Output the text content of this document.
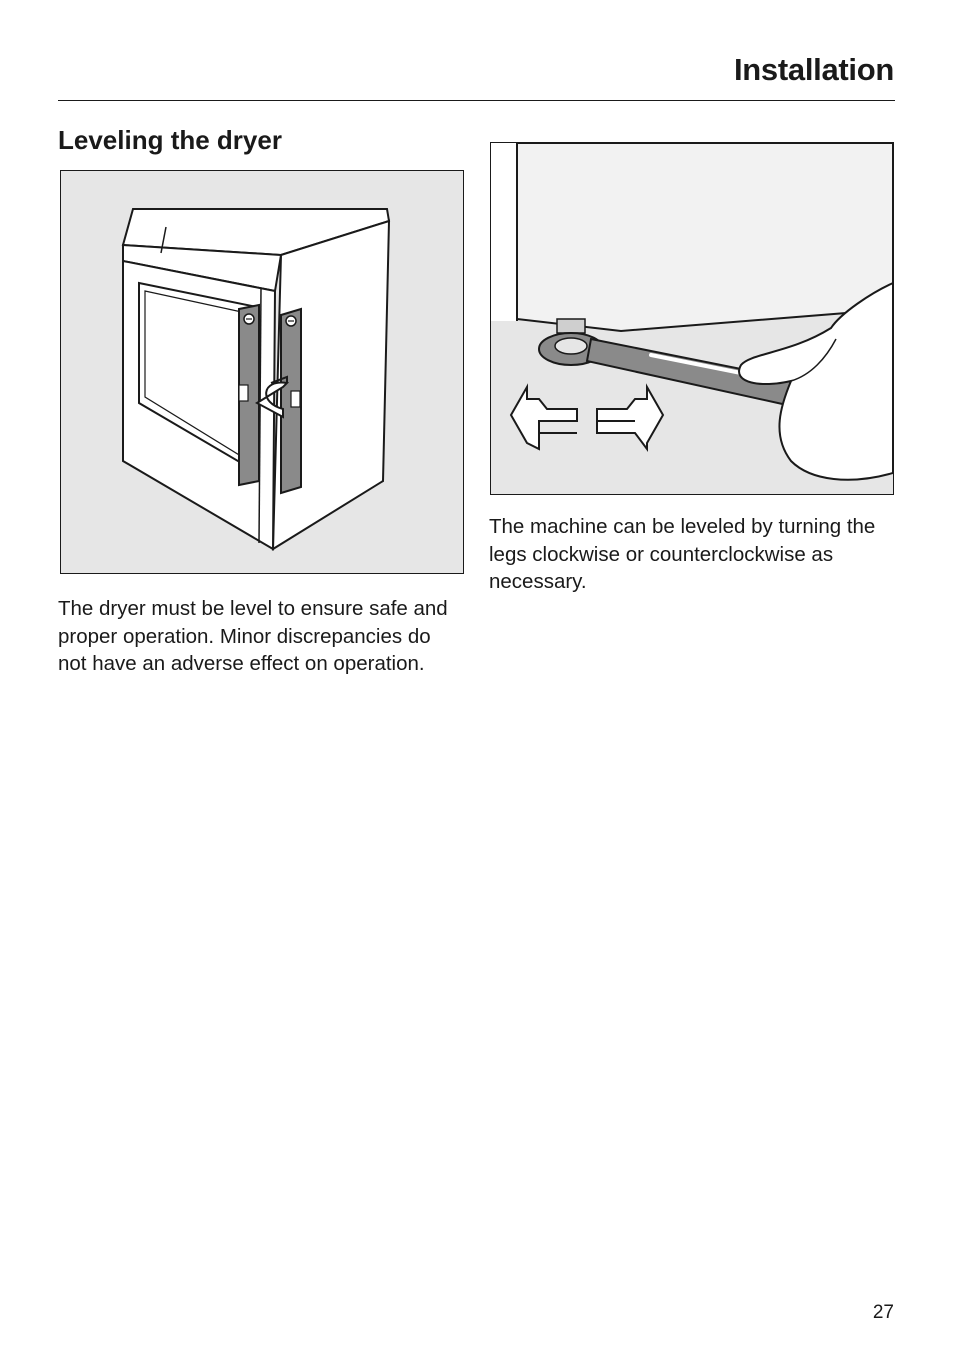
Installation
Leveling the dryer

The dryer must be level to ensure safe and proper operation. Minor discrepancies do not have an adverse effect on operation.

The machine can be leveled by turning the legs clockwise or counterclockwise as necessary.

27
